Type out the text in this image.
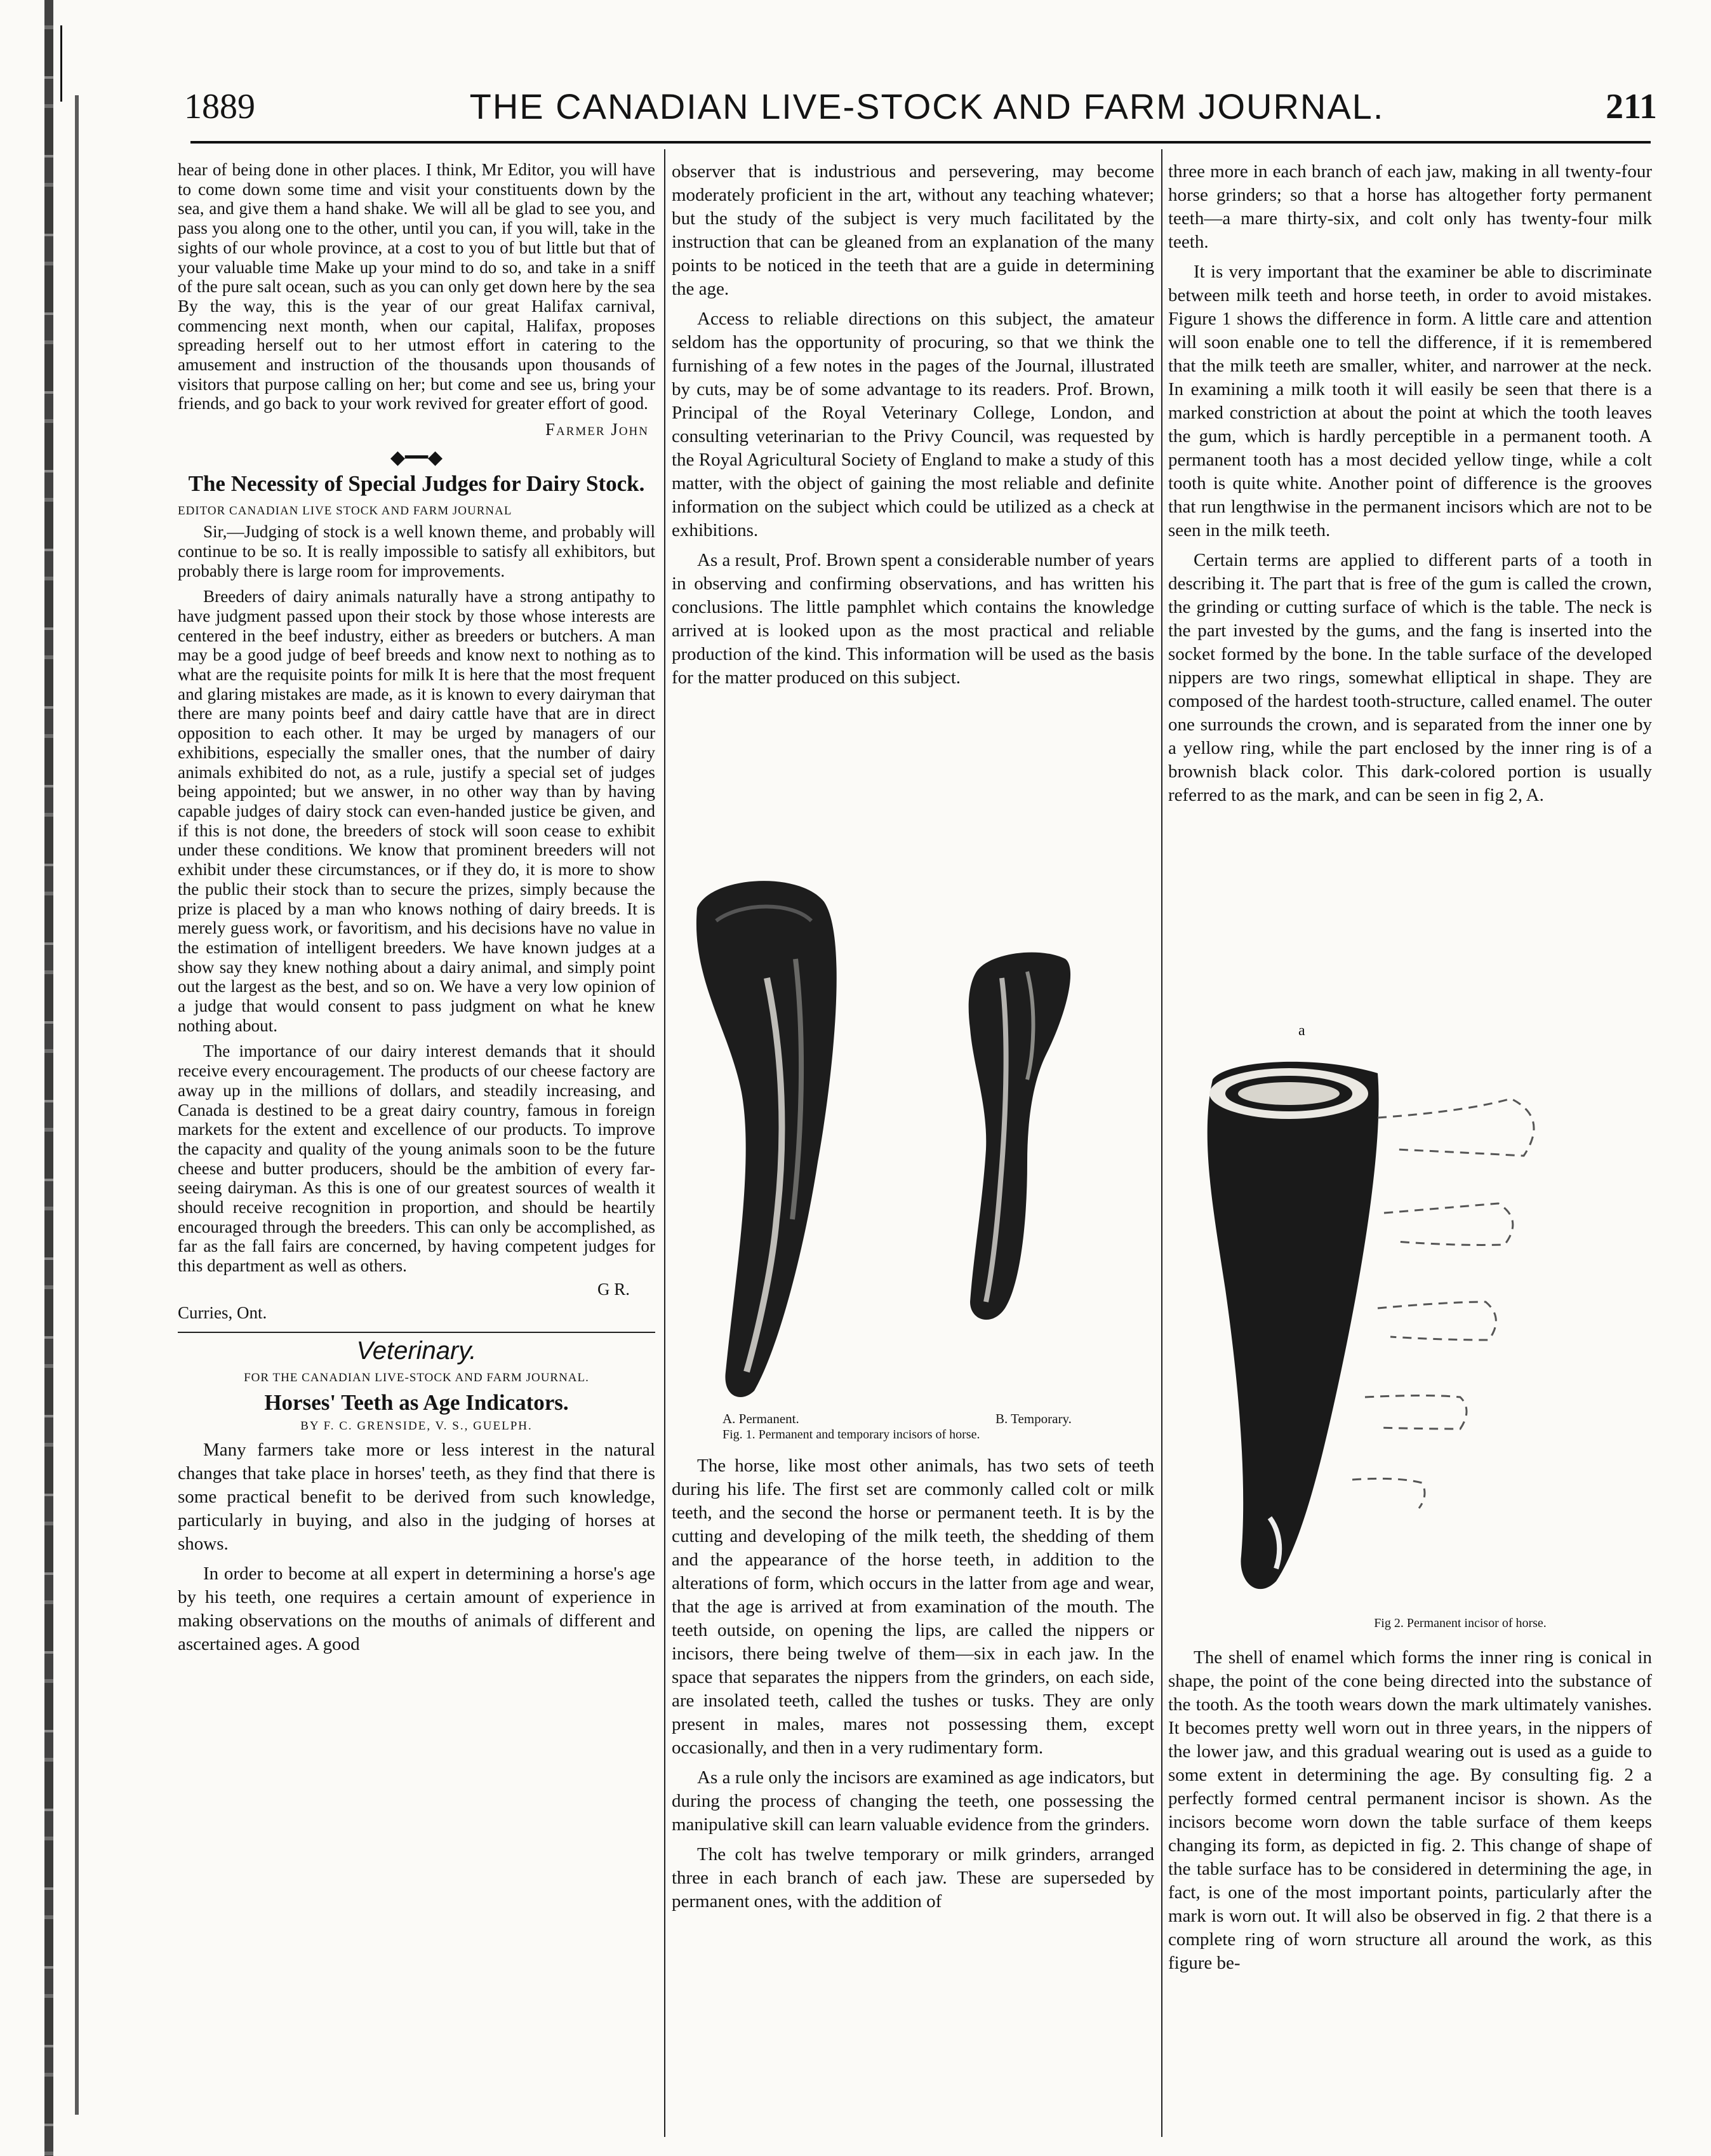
1889	THE CANADIAN LIVE-STOCK AND FARM JOURNAL.	211

hear of being done in other places. I think, Mr Editor, you will have to come down some time and visit your constituents down by the sea, and give them a hand shake. We will all be glad to see you, and pass you along one to the other, until you can, if you will, take in the sights of our whole province, at a cost to you of but little but that of your valuable time Make up your mind to do so, and take in a sniff of the pure salt ocean, such as you can only get down here by the sea By the way, this is the year of our great Halifax carnival, commencing next month, when our capital, Halifax, proposes spreading herself out to her utmost effort in catering to the amusement and instruction of the thousands upon thousands of visitors that purpose calling on her; but come and see us, bring your friends, and go back to your work revived for greater effort of good.

Farmer John
◆━━◆
The Necessity of Special Judges for Dairy Stock.
EDITOR CANADIAN LIVE STOCK AND FARM JOURNAL

Sir,—Judging of stock is a well known theme, and probably will continue to be so. It is really impossible to satisfy all exhibitors, but probably there is large room for improvements.

Breeders of dairy animals naturally have a strong antipathy to have judgment passed upon their stock by those whose interests are centered in the beef industry, either as breeders or butchers. A man may be a good judge of beef breeds and know next to nothing as to what are the requisite points for milk It is here that the most frequent and glaring mistakes are made, as it is known to every dairyman that there are many points beef and dairy cattle have that are in direct opposition to each other. It may be urged by managers of our exhibitions, especially the smaller ones, that the number of dairy animals exhibited do not, as a rule, justify a special set of judges being appointed; but we answer, in no other way than by having capable judges of dairy stock can even-handed justice be given, and if this is not done, the breeders of stock will soon cease to exhibit under these conditions. We know that prominent breeders will not exhibit under these circumstances, or if they do, it is more to show the public their stock than to secure the prizes, simply because the prize is placed by a man who knows nothing of dairy breeds. It is merely guess work, or favoritism, and his decisions have no value in the estimation of intelligent breeders. We have known judges at a show say they knew nothing about a dairy animal, and simply point out the largest as the best, and so on. We have a very low opinion of a judge that would consent to pass judgment on what he knew nothing about.

The importance of our dairy interest demands that it should receive every encouragement. The products of our cheese factory are away up in the millions of dollars, and steadily increasing, and Canada is destined to be a great dairy country, famous in foreign markets for the extent and excellence of our products. To improve the capacity and quality of the young animals soon to be the future cheese and butter producers, should be the ambition of every far-seeing dairyman. As this is one of our greatest sources of wealth it should receive recognition in proportion, and should be heartily encouraged through the breeders. This can only be accomplished, as far as the fall fairs are concerned, by having competent judges for this department as well as others.

G R.
Curries, Ont.
Veterinary.
FOR THE CANADIAN LIVE-STOCK AND FARM JOURNAL.
Horses' Teeth as Age Indicators.
BY F. C. GRENSIDE, V. S., GUELPH.

Many farmers take more or less interest in the natural changes that take place in horses' teeth, as they find that there is some practical benefit to be derived from such knowledge, particularly in buying, and also in the judging of horses at shows.

In order to become at all expert in determining a horse's age by his teeth, one requires a certain amount of experience in making observations on the mouths of animals of different and ascertained ages. A good

observer that is industrious and persevering, may become moderately proficient in the art, without any teaching whatever; but the study of the subject is very much facilitated by the instruction that can be gleaned from an explanation of the many points to be noticed in the teeth that are a guide in determining the age.

Access to reliable directions on this subject, the amateur seldom has the opportunity of procuring, so that we think the furnishing of a few notes in the pages of the Journal, illustrated by cuts, may be of some advantage to its readers. Prof. Brown, Principal of the Royal Veterinary College, London, and consulting veterinarian to the Privy Council, was requested by the Royal Agricultural Society of England to make a study of this matter, with the object of gaining the most reliable and definite information on the subject which could be utilized as a check at exhibitions.

As a result, Prof. Brown spent a considerable number of years in observing and confirming observations, and has written his conclusions. The little pamphlet which contains the knowledge arrived at is looked upon as the most practical and reliable production of the kind. This information will be used as the basis for the matter produced on this subject.

A. Permanent.	B. Temporary.
Fig. 1. Permanent and temporary incisors of horse.

The horse, like most other animals, has two sets of teeth during his life. The first set are commonly called colt or milk teeth, and the second the horse or permanent teeth. It is by the cutting and developing of the milk teeth, the shedding of them and the appearance of the horse teeth, in addition to the alterations of form, which occurs in the latter from age and wear, that the age is arrived at from examination of the mouth. The teeth outside, on opening the lips, are called the nippers or incisors, there being twelve of them—six in each jaw. In the space that separates the nippers from the grinders, on each side, are insolated teeth, called the tushes or tusks. They are only present in males, mares not possessing them, except occasionally, and then in a very rudimentary form.

As a rule only the incisors are examined as age indicators, but during the process of changing the teeth, one possessing the manipulative skill can learn valuable evidence from the grinders.

The colt has twelve temporary or milk grinders, arranged three in each branch of each jaw. These are superseded by permanent ones, with the addition of

three more in each branch of each jaw, making in all twenty-four horse grinders; so that a horse has altogether forty permanent teeth—a mare thirty-six, and colt only has twenty-four milk teeth.

It is very important that the examiner be able to discriminate between milk teeth and horse teeth, in order to avoid mistakes. Figure 1 shows the difference in form. A little care and attention will soon enable one to tell the difference, if it is remembered that the milk teeth are smaller, whiter, and narrower at the neck. In examining a milk tooth it will easily be seen that there is a marked constriction at about the point at which the tooth leaves the gum, which is hardly perceptible in a permanent tooth. A permanent tooth has a most decided yellow tinge, while a colt tooth is quite white. Another point of difference is the grooves that run lengthwise in the permanent incisors which are not to be seen in the milk teeth.

Certain terms are applied to different parts of a tooth in describing it. The part that is free of the gum is called the crown, the grinding or cutting surface of which is the table. The neck is the part invested by the gums, and the fang is inserted into the socket formed by the bone. In the table surface of the developed nippers are two rings, somewhat elliptical in shape. They are composed of the hardest tooth-structure, called enamel. The outer one surrounds the crown, and is separated from the inner one by a yellow ring, while the part enclosed by the inner ring is of a brownish black color. This dark-colored portion is usually referred to as the mark, and can be seen in fig 2, A.

a
Fig 2. Permanent incisor of horse.

The shell of enamel which forms the inner ring is conical in shape, the point of the cone being directed into the substance of the tooth. As the tooth wears down the mark ultimately vanishes. It becomes pretty well worn out in three years, in the nippers of the lower jaw, and this gradual wearing out is used as a guide to some extent in determining the age. By consulting fig. 2 a perfectly formed central permanent incisor is shown. As the incisors become worn down the table surface of them keeps changing its form, as depicted in fig. 2. This change of shape of the table surface has to be considered in determining the age, in fact, is one of the most important points, particularly after the mark is worn out. It will also be observed in fig. 2 that there is a complete ring of worn structure all around the work, as this figure be-
